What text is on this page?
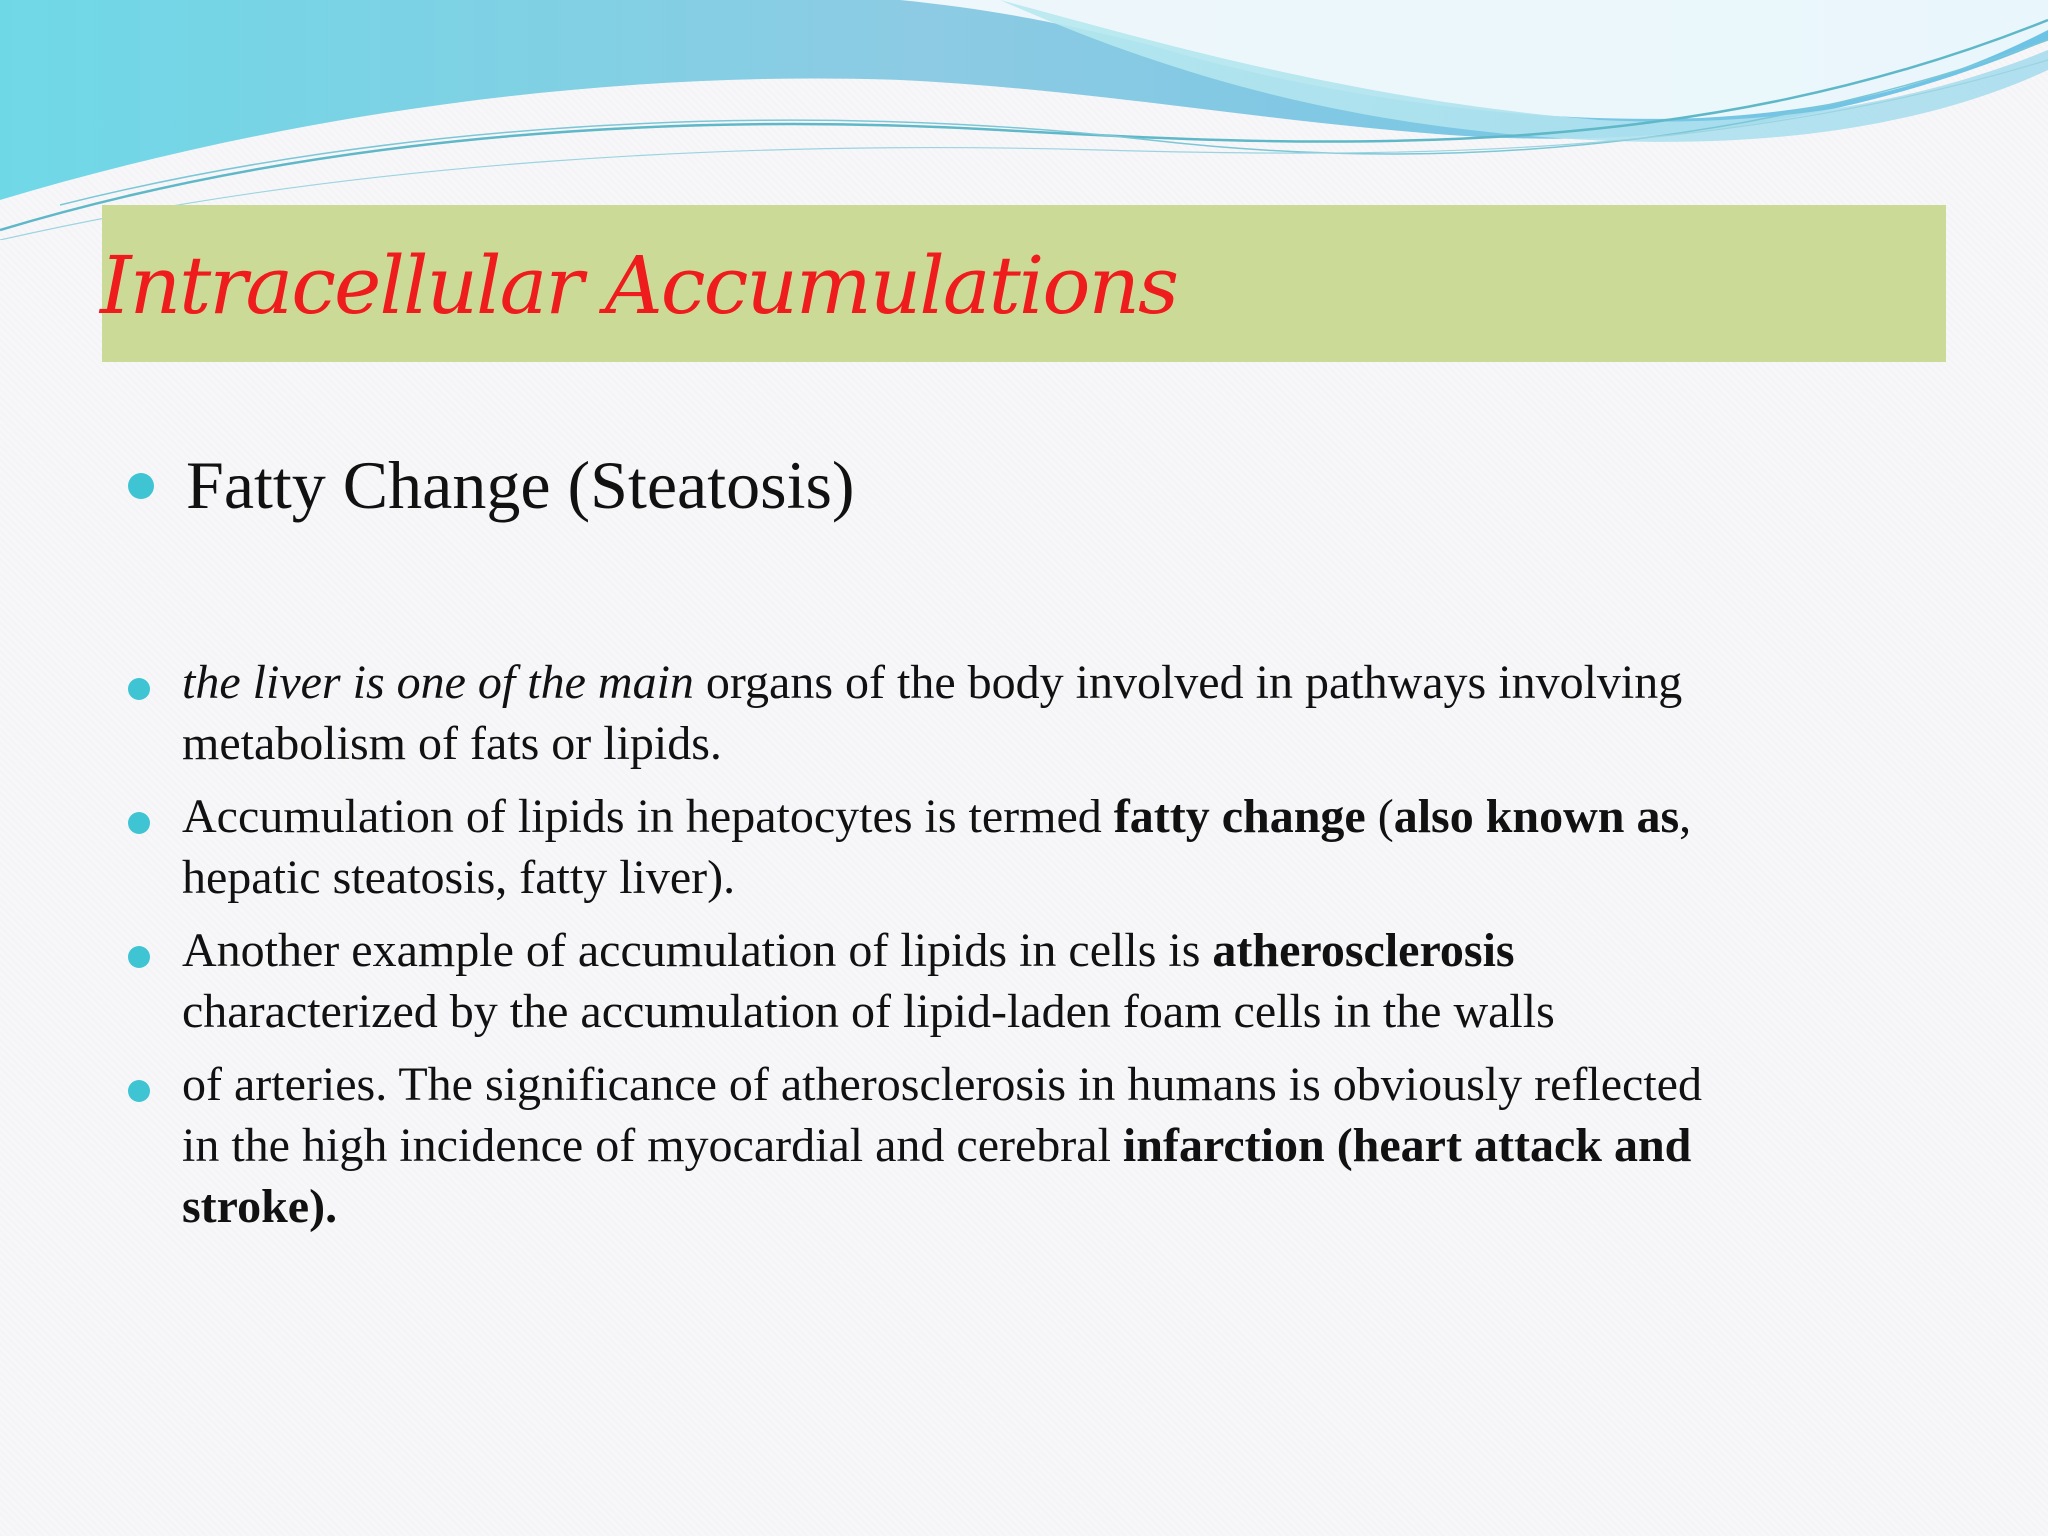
Intracellular Accumulations
Fatty Change (Steatosis)
the liver is one of the main organs of the body involved in pathways involving
metabolism of fats or lipids.
Accumulation of lipids in hepatocytes is termed fatty change (also known as,
hepatic steatosis, fatty liver).
Another example of accumulation of lipids in cells is atherosclerosis
characterized by the accumulation of lipid-laden foam cells in the walls
of arteries. The significance of atherosclerosis in humans is obviously reflected
in the high incidence of myocardial and cerebral infarction (heart attack and
stroke).
